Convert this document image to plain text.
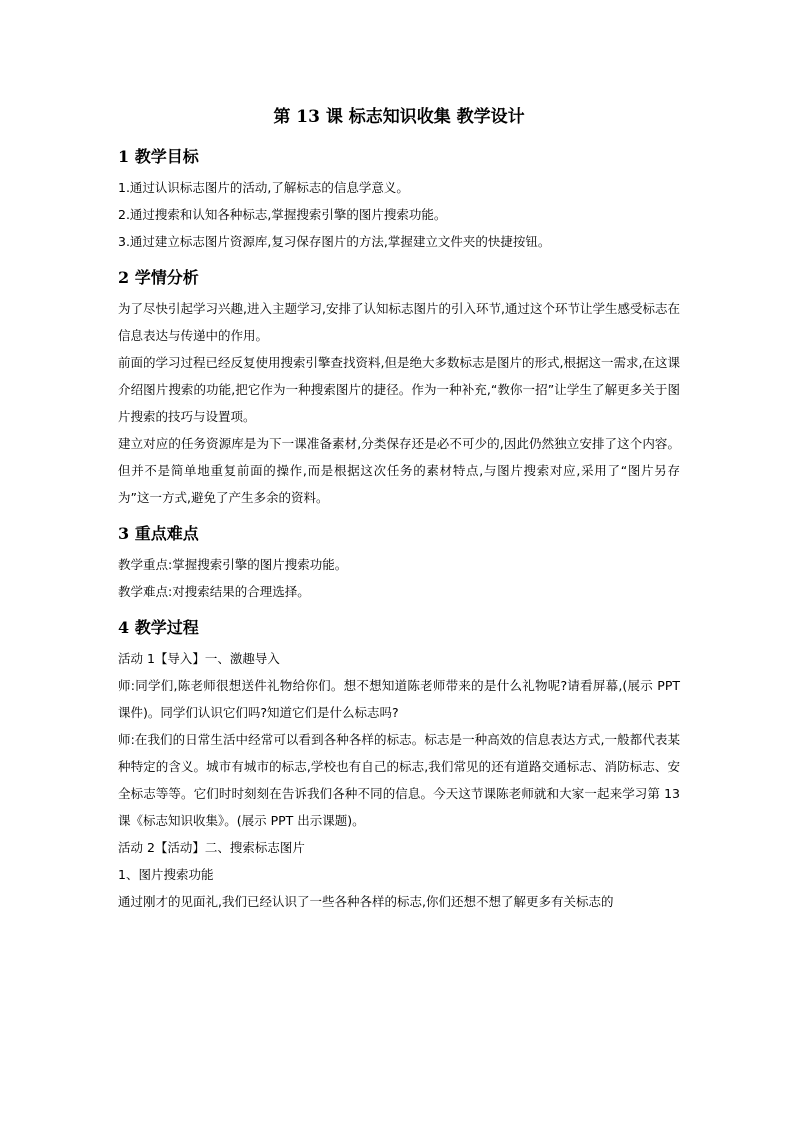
第 13 课 标志知识收集 教学设计
1 教学目标
1.通过认识标志图片的活动,了解标志的信息学意义。
2.通过搜索和认知各种标志,掌握搜索引擎的图片搜索功能。
3.通过建立标志图片资源库,复习保存图片的方法,掌握建立文件夹的快捷按钮。
2 学情分析
为了尽快引起学习兴趣,进入主题学习,安排了认知标志图片的引入环节,通过这个环节让学生感受标志在信息表达与传递中的作用。
前面的学习过程已经反复使用搜索引擎查找资料,但是绝大多数标志是图片的形式,根据这一需求,在这课介绍图片搜索的功能,把它作为一种搜索图片的捷径。作为一种补充,“教你一招”让学生了解更多关于图片搜索的技巧与设置项。
建立对应的任务资源库是为下一课准备素材,分类保存还是必不可少的,因此仍然独立安排了这个内容。但并不是简单地重复前面的操作,而是根据这次任务的素材特点,与图片搜索对应,采用了“图片另存为”这一方式,避免了产生多余的资料。
3 重点难点
教学重点:掌握搜索引擎的图片搜索功能。
教学难点:对搜索结果的合理选择。
4 教学过程
活动 1【导入】一、激趣导入
师:同学们,陈老师很想送件礼物给你们。想不想知道陈老师带来的是什么礼物呢?请看屏幕,(展示 PPT 课件)。同学们认识它们吗?知道它们是什么标志吗?
师:在我们的日常生活中经常可以看到各种各样的标志。标志是一种高效的信息表达方式,一般都代表某种特定的含义。城市有城市的标志,学校也有自己的标志,我们常见的还有道路交通标志、消防标志、安全标志等等。它们时时刻刻在告诉我们各种不同的信息。今天这节课陈老师就和大家一起来学习第 13 课《标志知识收集》。(展示 PPT 出示课题)。
活动 2【活动】二、搜索标志图片
1、图片搜索功能
通过刚才的见面礼,我们已经认识了一些各种各样的标志,你们还想不想了解更多有关标志的
